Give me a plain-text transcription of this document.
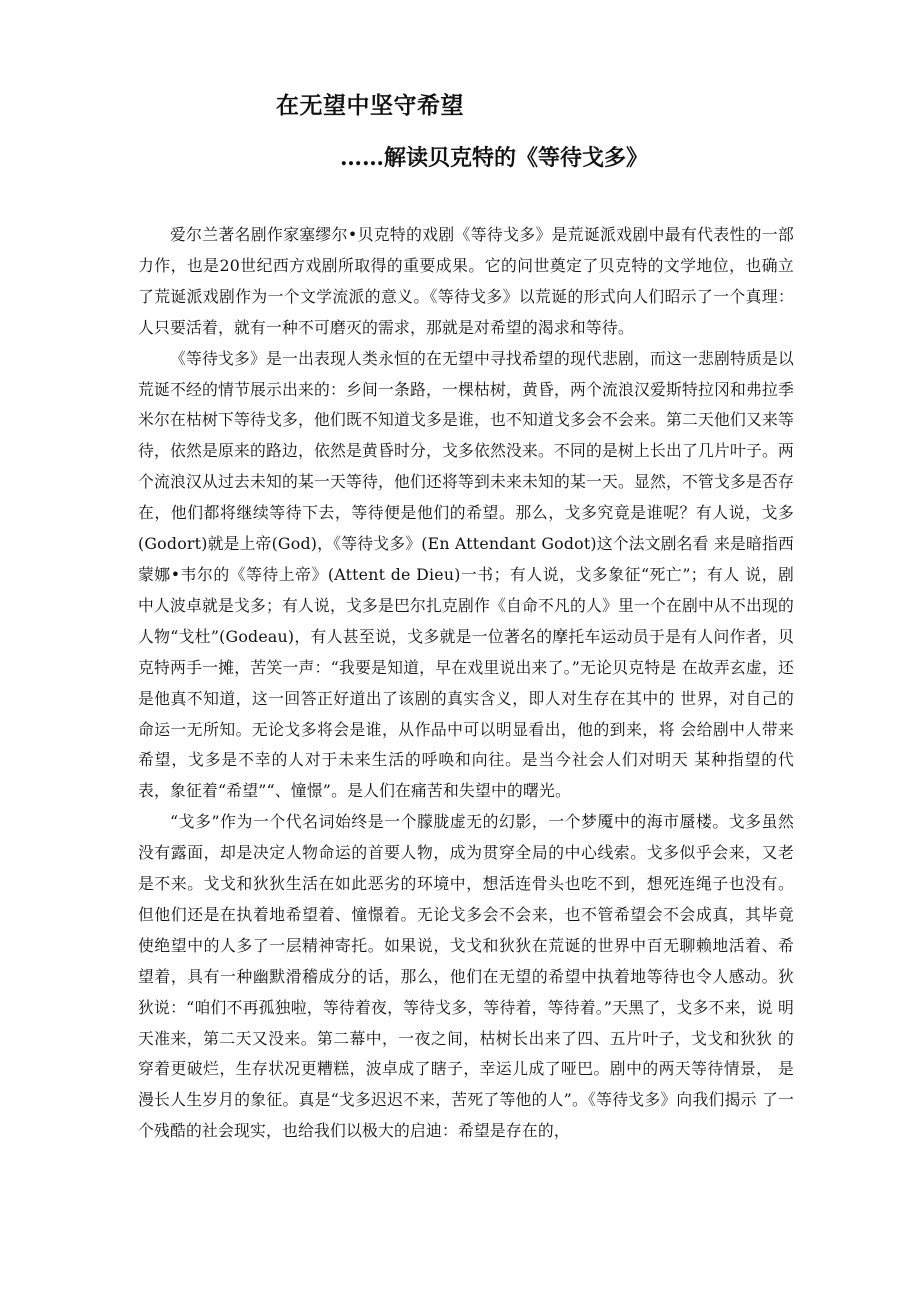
在无望中坚守希望
……解读贝克特的《等待戈多》

爱尔兰著名剧作家塞缪尔•贝克特的戏剧《等待戈多》是荒诞派戏剧中最有代表性的一部力作，也是20世纪西方戏剧所取得的重要成果。它的问世奠定了贝克特的文学地位，也确立了荒诞派戏剧作为一个文学流派的意义。《等待戈多》以荒诞的形式向人们昭示了一个真理：人只要活着，就有一种不可磨灭的需求，那就是对希望的渴求和等待。

《等待戈多》是一出表现人类永恒的在无望中寻找希望的现代悲剧，而这一悲剧特质是以荒诞不经的情节展示出来的：乡间一条路，一棵枯树，黄昏，两个流浪汉爱斯特拉冈和弗拉季米尔在枯树下等待戈多，他们既不知道戈多是谁，也不知道戈多会不会来。第二天他们又来等待，依然是原来的路边，依然是黄昏时分，戈多依然没来。不同的是树上长出了几片叶子。两个流浪汉从过去未知的某一天等待，他们还将等到未来未知的某一天。显然，不管戈多是否存在，他们都将继续等待下去，等待便是他们的希望。那么，戈多究竟是谁呢？有人说，戈多(Godort)就是上帝(God)，《等待戈多》(En Attendant Godot)这个法文剧名看 来是暗指西蒙娜•韦尔的《等待上帝》(Attent de Dieu)一书；有人说，戈多象征“死亡”；有人 说，剧中人波卓就是戈多；有人说，戈多是巴尔扎克剧作《自命不凡的人》里一个在剧中从不出现的人物“戈杜”(Godeau)，有人甚至说，戈多就是一位著名的摩托车运动员于是有人问作者，贝克特两手一摊，苦笑一声：“我要是知道，早在戏里说出来了。”无论贝克特是 在故弄玄虚，还是他真不知道，这一回答正好道出了该剧的真实含义，即人对生存在其中的 世界，对自己的命运一无所知。无论戈多将会是谁，从作品中可以明显看出，他的到来，将 会给剧中人带来希望，戈多是不幸的人对于未来生活的呼唤和向往。是当今社会人们对明天 某种指望的代表，象征着“希望”“、憧憬”。是人们在痛苦和失望中的曙光。

“戈多”作为一个代名词始终是一个朦胧虚无的幻影，一个梦魇中的海市蜃楼。戈多虽然 没有露面，却是决定人物命运的首要人物，成为贯穿全局的中心线索。戈多似乎会来，又老 是不来。戈戈和狄狄生活在如此恶劣的环境中，想活连骨头也吃不到，想死连绳子也没有。 但他们还是在执着地希望着、憧憬着。无论戈多会不会来，也不管希望会不会成真，其毕竟 使绝望中的人多了一层精神寄托。如果说，戈戈和狄狄在荒诞的世界中百无聊赖地活着、希 望着，具有一种幽默滑稽成分的话，那么，他们在无望的希望中执着地等待也令人感动。狄 狄说：“咱们不再孤独啦，等待着夜，等待戈多，等待着，等待着。”天黑了，戈多不来，说 明天准来，第二天又没来。第二幕中，一夜之间，枯树长出来了四、五片叶子，戈戈和狄狄 的穿着更破烂，生存状况更糟糕，波卓成了瞎子，幸运儿成了哑巴。剧中的两天等待情景， 是漫长人生岁月的象征。真是“戈多迟迟不来，苦死了等他的人”。《等待戈多》向我们揭示 了一个残酷的社会现实，也给我们以极大的启迪：希望是存在的，
